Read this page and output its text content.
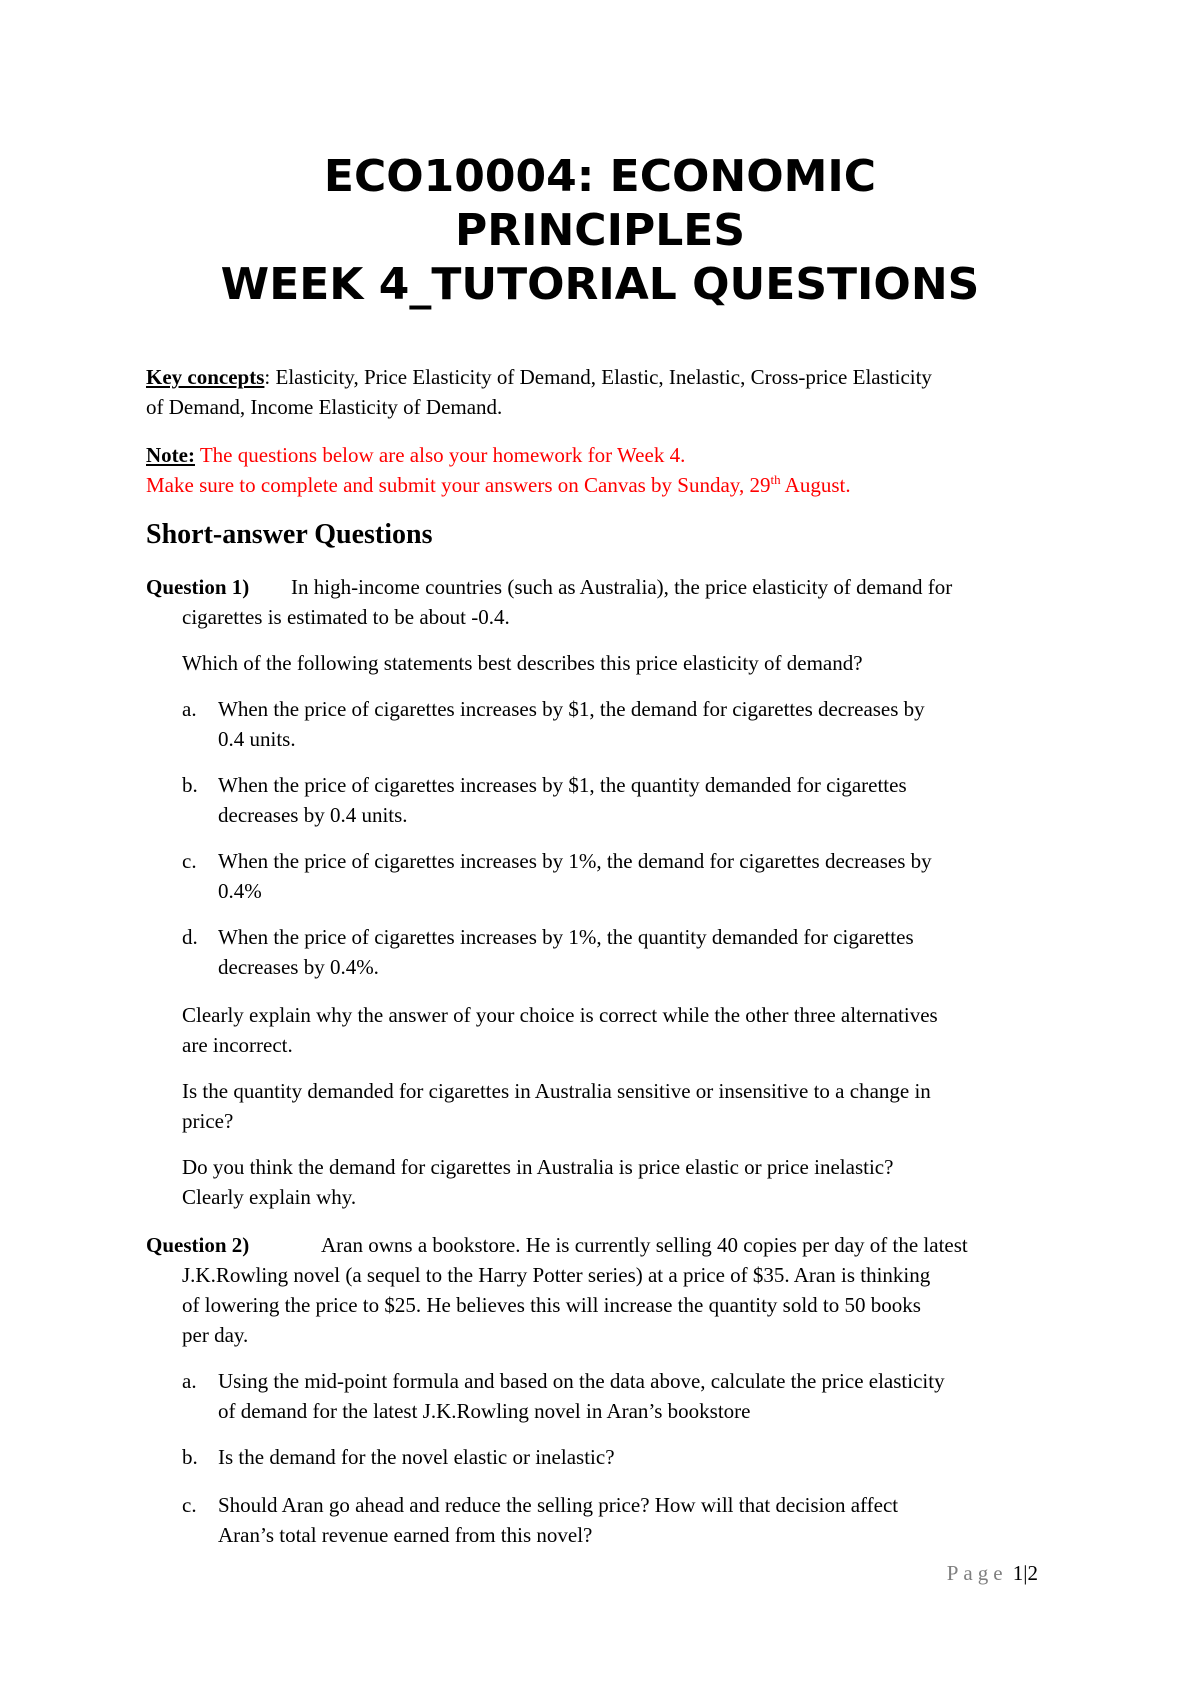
ECO10004: ECONOMIC
PRINCIPLES
WEEK 4_TUTORIAL QUESTIONS
Key concepts: Elasticity, Price Elasticity of Demand, Elastic, Inelastic, Cross-price Elasticity
of Demand, Income Elasticity of Demand.
Note: The questions below are also your homework for Week 4.
Make sure to complete and submit your answers on Canvas by Sunday, 29th August.
Short-answer Questions
Question 1) In high-income countries (such as Australia), the price elasticity of demand for
cigarettes is estimated to be about -0.4.
Which of the following statements best describes this price elasticity of demand?
a. When the price of cigarettes increases by $1, the demand for cigarettes decreases by
0.4 units.
b. When the price of cigarettes increases by $1, the quantity demanded for cigarettes
decreases by 0.4 units.
c. When the price of cigarettes increases by 1%, the demand for cigarettes decreases by
0.4%
d. When the price of cigarettes increases by 1%, the quantity demanded for cigarettes
decreases by 0.4%.
Clearly explain why the answer of your choice is correct while the other three alternatives
are incorrect.
Is the quantity demanded for cigarettes in Australia sensitive or insensitive to a change in
price?
Do you think the demand for cigarettes in Australia is price elastic or price inelastic?
Clearly explain why.
Question 2)	Aran owns a bookstore. He is currently selling 40 copies per day of the latest
J.K.Rowling novel (a sequel to the Harry Potter series) at a price of $35. Aran is thinking
of lowering the price to $25. He believes this will increase the quantity sold to 50 books
per day.
a. Using the mid-point formula and based on the data above, calculate the price elasticity
of demand for the latest J.K.Rowling novel in Aran’s bookstore
b. Is the demand for the novel elastic or inelastic?
c. Should Aran go ahead and reduce the selling price? How will that decision affect
Aran’s total revenue earned from this novel?
Page 1|2
